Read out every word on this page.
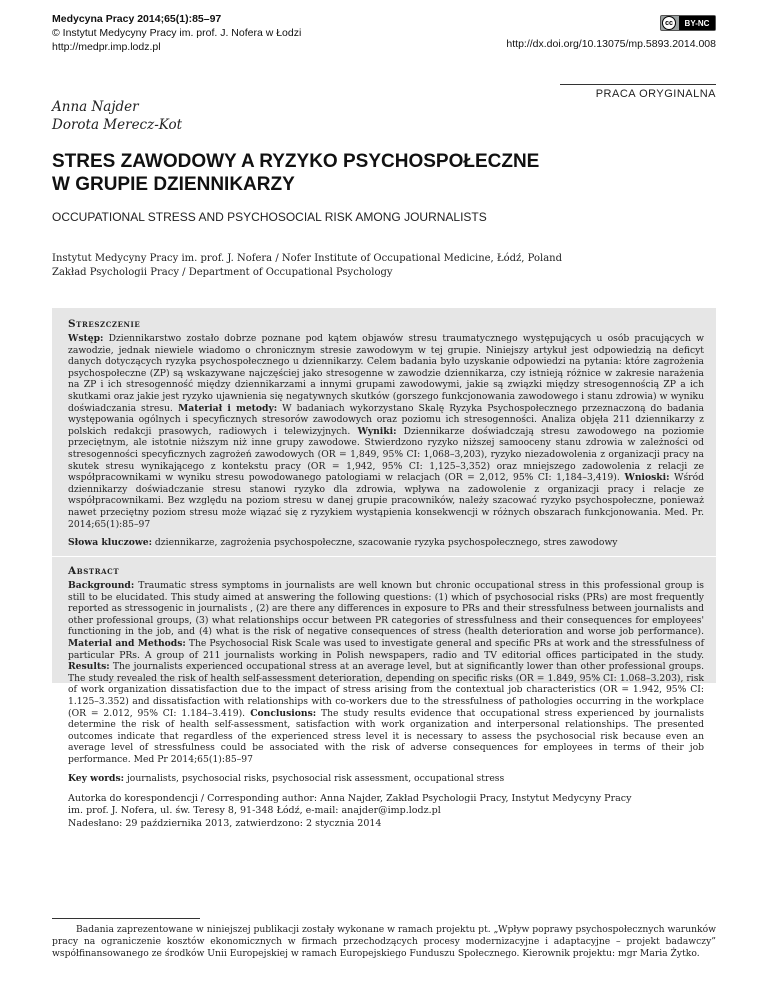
Medycyna Pracy 2014;65(1):85–97
© Instytut Medycyny Pracy im. prof. J. Nofera w Łodzi
http://medpr.imp.lodz.pl
cc	BY-NC
http://dx.doi.org/10.13075/mp.5893.2014.008
PRACA ORYGINALNA
Anna Najder
Dorota Merecz-Kot
STRES ZAWODOWY A RYZYKO PSYCHOSPOŁECZNE
W GRUPIE DZIENNIKARZY
OCCUPATIONAL STRESS AND PSYCHOSOCIAL RISK AMONG JOURNALISTS
Instytut Medycyny Pracy im. prof. J. Nofera / Nofer Institute of Occupational Medicine, Łódź, Poland
Zakład Psychologii Pracy / Department of Occupational Psychology
Streszczenie

Wstęp: Dziennikarstwo zostało dobrze poznane pod kątem objawów stresu traumatycznego występujących u osób pracujących w zawodzie, jednak niewiele wiadomo o chronicznym stresie zawodowym w tej grupie. Niniejszy artykuł jest odpowiedzią na deficyt danych dotyczących ryzyka psychospołecznego u dziennikarzy. Celem badania było uzyskanie odpowiedzi na pytania: które zagrożenia psychospołeczne (ZP) są wskazywane najczęściej jako stresogenne w zawodzie dziennikarza, czy istnieją różnice w zakresie narażenia na ZP i ich stresogenność między dziennikarzami a innymi grupami zawodowymi, jakie są związki między stresogennością ZP a ich skutkami oraz jakie jest ryzyko ujawnienia się negatywnych skutków (gorszego funkcjonowania zawodowego i stanu zdrowia) w wyniku doświadczania stresu. Materiał i metody: W badaniach wykorzystano Skalę Ryzyka Psychospołecznego przeznaczoną do badania występowania ogólnych i specyficznych stresorów zawodowych oraz poziomu ich stresogenności. Analiza objęła 211 dziennikarzy z polskich redakcji prasowych, radiowych i telewizyjnych. Wyniki: Dziennikarze doświadczają stresu zawodowego na poziomie przeciętnym, ale istotnie niższym niż inne grupy zawodowe. Stwierdzono ryzyko niższej samooceny stanu zdrowia w zależności od stresogenności specyficznych zagrożeń zawodowych (OR = 1,849, 95% CI: 1,068–3,203), ryzyko niezadowolenia z organizacji pracy na skutek stresu wynikającego z kontekstu pracy (OR = 1,942, 95% CI: 1,125–3,352) oraz mniejszego zadowolenia z relacji ze współpracownikami w wyniku stresu powodowanego patologiami w relacjach (OR = 2,012, 95% CI: 1,184–3,419). Wnioski: Wśród dziennikarzy doświadczanie stresu stanowi ryzyko dla zdrowia, wpływa na zadowolenie z organizacji pracy i relacje ze współpracownikami. Bez względu na poziom stresu w danej grupie pracowników, należy szacować ryzyko psychospołeczne, ponieważ nawet przeciętny poziom stresu może wiązać się z ryzykiem wystąpienia konsekwencji w różnych obszarach funkcjonowania. Med. Pr. 2014;65(1):85–97

Słowa kluczowe: dziennikarze, zagrożenia psychospołeczne, szacowanie ryzyka psychospołecznego, stres zawodowy

Abstract

Background: Traumatic stress symptoms in journalists are well known but chronic occupational stress in this professional group is still to be elucidated. This study aimed at answering the following questions: (1) which of psychosocial risks (PRs) are most frequently reported as stressogenic in journalists , (2) are there any differences in exposure to PRs and their stressfulness between journalists and other professional groups, (3) what relationships occur between PR categories of stressfulness and their consequences for employees' functioning in the job, and (4) what is the risk of negative consequences of stress (health deterioration and worse job performance). Material and Methods: The Psychosocial Risk Scale was used to investigate general and specific PRs at work and the stressfulness of particular PRs. A group of 211 journalists working in Polish newspapers, radio and TV editorial offices participated in the study. Results: The journalists experienced occupational stress at an average level, but at significantly lower than other professional groups. The study revealed the risk of health self-assessment deterioration, depending on specific risks (OR = 1.849, 95% CI: 1.068–3.203), risk of work organization dissatisfaction due to the impact of stress arising from the contextual job characteristics (OR = 1.942, 95% CI: 1.125–3.352) and dissatisfaction with relationships with co-workers due to the stressfulness of pathologies occurring in the workplace (OR = 2.012, 95% CI: 1.184–3.419). Conclusions: The study results evidence that occupational stress experienced by journalists determine the risk of health self-assessment, satisfaction with work organization and interpersonal relationships. The presented outcomes indicate that regardless of the experienced stress level it is necessary to assess the psychosocial risk because even an average level of stressfulness could be associated with the risk of adverse consequences for employees in terms of their job performance. Med Pr 2014;65(1):85–97

Key words: journalists, psychosocial risks, psychosocial risk assessment, occupational stress

Autorka do korespondencji / Corresponding author: Anna Najder, Zakład Psychologii Pracy, Instytut Medycyny Pracy
im. prof. J. Nofera, ul. św. Teresy 8, 91-348 Łódź, e-mail: anajder@imp.lodz.pl
Nadesłano: 29 października 2013, zatwierdzono: 2 stycznia 2014
Badania zaprezentowane w niniejszej publikacji zostały wykonane w ramach projektu pt. „Wpływ poprawy psychospołecznych warunków pracy na ograniczenie kosztów ekonomicznych w firmach przechodzących procesy modernizacyjne i adaptacyjne – projekt badawczy” współfinansowanego ze środków Unii Europejskiej w ramach Europejskiego Funduszu Społecznego. Kierownik projektu: mgr Maria Żytko.
